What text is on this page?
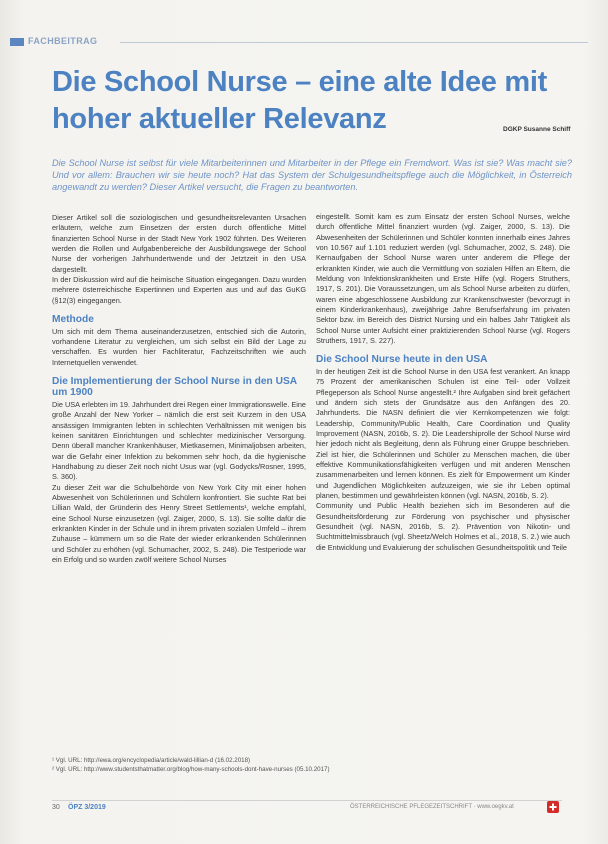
FACHBEITRAG
Die School Nurse – eine alte Idee mit
hoher aktueller Relevanz	DGKP Susanne Schiff
Die School Nurse ist selbst für viele Mitarbeiterinnen und Mitarbeiter in der Pflege ein Fremdwort. Was ist sie? Was macht sie? Und vor allem: Brauchen wir sie heute noch? Hat das System der Schulgesundheitspflege auch die Möglichkeit, in Österreich angewandt zu werden? Dieser Artikel versucht, die Fragen zu beantworten.

Dieser Artikel soll die soziologischen und gesundheitsrelevanten Ursachen erläutern, welche zum Einsetzen der ersten durch öffentliche Mittel finanzierten School Nurse in der Stadt New York 1902 führten. Des Weiteren werden die Rollen und Aufgabenbereiche der Ausbildungswege der School Nurse der vorherigen Jahrhundertwende und der Jetztzeit in den USA dargestellt.

In der Diskussion wird auf die heimische Situation eingegangen. Dazu wurden mehrere österreichische Expertinnen und Experten aus und auf das GuKG (§12(3) eingegangen.

Methode

Um sich mit dem Thema auseinanderzusetzen, entschied sich die Autorin, vorhandene Literatur zu vergleichen, um sich selbst ein Bild der Lage zu verschaffen. Es wurden hier Fachliteratur, Fachzeitschriften wie auch Internetquellen verwendet.

Die Implementierung der School Nurse in den USA um 1900

Die USA erlebten im 19. Jahrhundert drei Regen einer Immigrationswelle. Eine große Anzahl der New Yorker – nämlich die erst seit Kurzem in den USA ansässigen Immigranten lebten in schlechten Verhältnissen mit wenigen bis keinen sanitären Einrichtungen und schlechter medizinischer Versorgung. Denn überall mancher Krankenhäuser, Mietkasernen, Minimaljobsen arbeiten, war die Gefahr einer Infektion zu bekommen sehr hoch, da die hygienische Handhabung zu dieser Zeit noch nicht Usus war (vgl. Godycks/Rosner, 1995, S. 360).

Zu dieser Zeit war die Schulbehörde von New York City mit einer hohen Abwesenheit von Schülerinnen und Schülern konfrontiert. Sie suchte Rat bei Lillian Wald, der Gründerin des Henry Street Settlements¹, welche empfahl, eine School Nurse einzusetzen (vgl. Zaiger, 2000, S. 13). Sie sollte dafür die erkrankten Kinder in der Schule und in ihrem privaten sozialen Umfeld – ihrem Zuhause – kümmern um so die Rate der wieder erkrankenden Schülerinnen und Schüler zu erhöhen (vgl. Schumacher, 2002, S. 248). Die Testperiode war ein Erfolg und so wurden zwölf weitere School Nurses

eingestellt. Somit kam es zum Einsatz der ersten School Nurses, welche durch öffentliche Mittel finanziert wurden (vgl. Zaiger, 2000, S. 13). Die Abwesenheiten der Schülerinnen und Schüler konnten innerhalb eines Jahres von 10.567 auf 1.101 reduziert werden (vgl. Schumacher, 2002, S. 248). Die Kernaufgaben der School Nurse waren unter anderem die Pflege der erkrankten Kinder, wie auch die Vermittlung von sozialen Hilfen an Eltern, die Meldung von Infektionskrankheiten und Erste Hilfe (vgl. Rogers Struthers, 1917, S. 201). Die Voraussetzungen, um als School Nurse arbeiten zu dürfen, waren eine abgeschlossene Ausbildung zur Krankenschwester (bevorzugt in einem Kinderkrankenhaus), zweijährige Jahre Berufserfahrung im privaten Sektor bzw. im Bereich des District Nursing und ein halbes Jahr Tätigkeit als School Nurse unter Aufsicht einer praktizierenden School Nurse (vgl. Rogers Struthers, 1917, S. 227).

Die School Nurse heute in den USA

In der heutigen Zeit ist die School Nurse in den USA fest verankert. An knapp 75 Prozent der amerikanischen Schulen ist eine Teil- oder Vollzeit Pflegeperson als School Nurse angestellt.² Ihre Aufgaben sind breit gefächert und ändern sich stets der Grundsätze aus den Anfängen des 20. Jahrhunderts. Die NASN definiert die vier Kernkompetenzen wie folgt: Leadership, Community/Public Health, Care Coordination und Quality Improvement (NASN, 2016b, S. 2). Die Leadershiprolle der School Nurse wird hier jedoch nicht als Begleitung, denn als Führung einer Gruppe beschrieben. Ziel ist hier, die Schülerinnen und Schüler zu Menschen machen, die über effektive Kommunikationsfähigkeiten verfügen und mit anderen Menschen zusammenarbeiten und lernen können. Es zielt für Empowerment um Kinder und Jugendlichen Möglichkeiten aufzuzeigen, wie sie ihr Leben optimal planen, bestimmen und gewährleisten können (vgl. NASN, 2016b, S. 2).

Community und Public Health beziehen sich im Besonderen auf die Gesundheitsförderung zur Förderung von psychischer und physischer Gesundheit (vgl. NASN, 2016b, S. 2). Prävention von Nikotin- und Suchtmittelmissbrauch (vgl. Sheetz/Welch Holmes et al., 2018, S. 2.) wie auch die Entwicklung und Evaluierung der schulischen Gesundheitspolitik und Teile

¹ Vgl. URL: http://ewa.org/encyclopedia/article/wald-lillian-d (16.02.2018)

² Vgl. URL: http://www.studentsthatmatter.org/blog/how-many-schools-dont-have-nurses (05.10.2017)

30 ÖPZ 3/2019	ÖSTERREICHISCHE PFLEGEZEITSCHRIFT · www.oegkv.at
